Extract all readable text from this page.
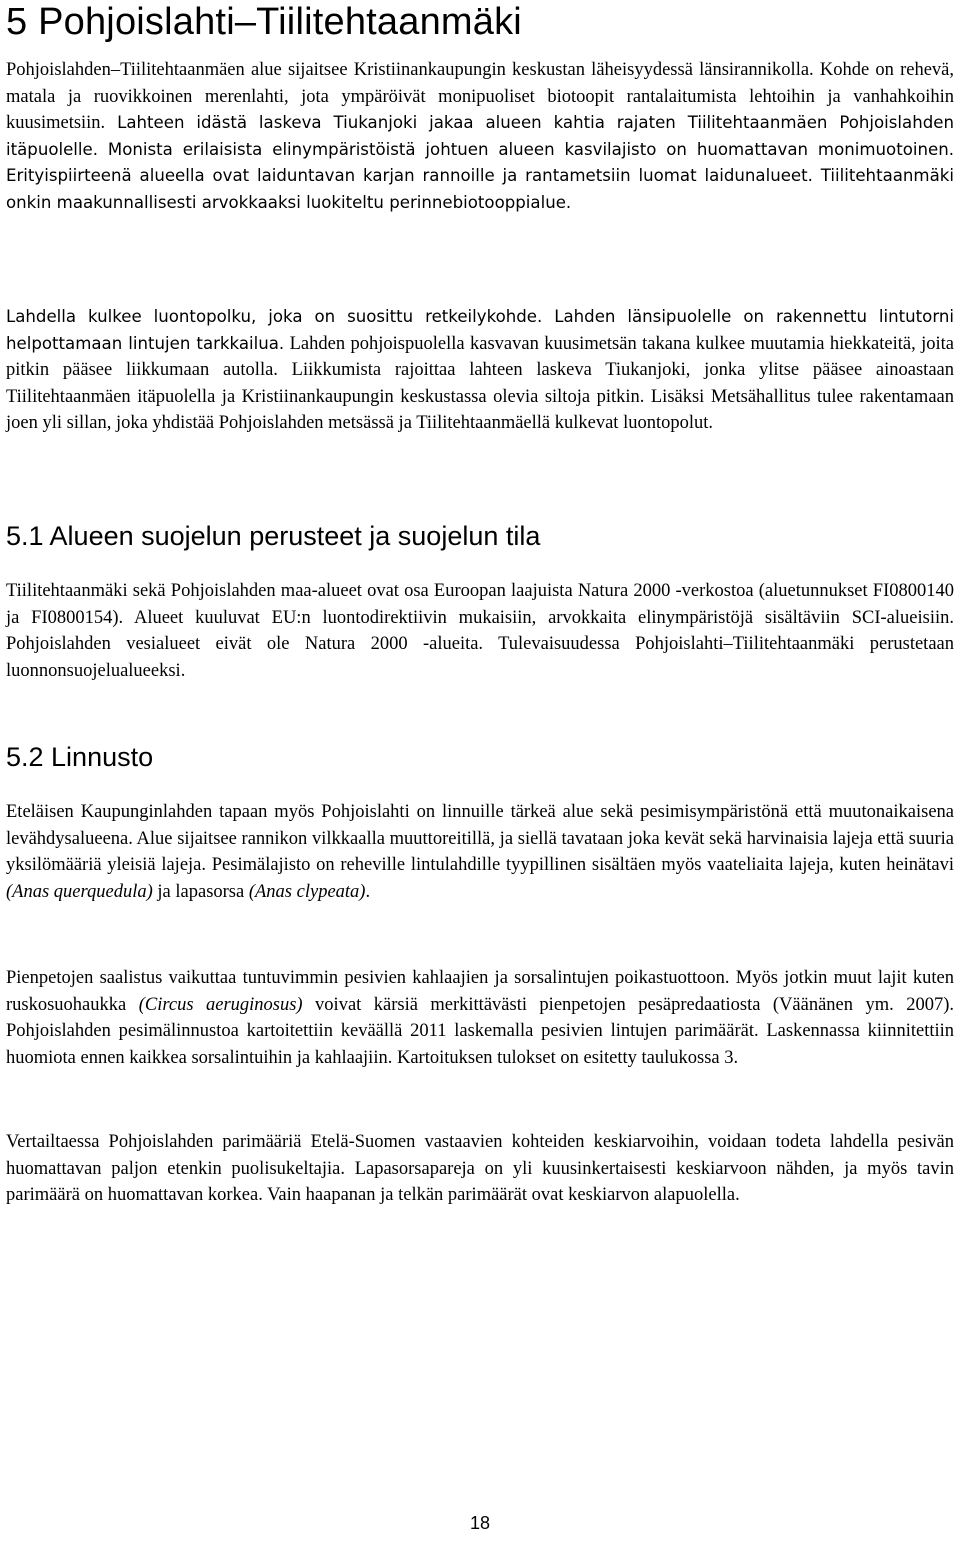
5 Pohjoislahti–Tiilitehtaanmäki

Pohjoislahden–Tiilitehtaanmäen alue sijaitsee Kristiinankaupungin keskustan läheisyydessä länsirannikolla. Kohde on rehevä, matala ja ruovikkoinen merenlahti, jota ympäröivät monipuoliset biotoopit rantalaitumista lehtoihin ja vanhahkoihin kuusimetsiin. Lahteen idästä laskeva Tiukanjoki jakaa alueen kahtia rajaten Tiilitehtaanmäen Pohjoislahden itäpuolelle. Monista erilaisista elinympäristöistä johtuen alueen kasvilajisto on huomattavan monimuotoinen. Erityispiirteenä alueella ovat laiduntavan karjan rannoille ja rantametsiin luomat laidunalueet. Tiilitehtaanmäki onkin maakunnallisesti arvokkaaksi luokiteltu perinnebiotooppialue.

Lahdella kulkee luontopolku, joka on suosittu retkeilykohde. Lahden länsipuolelle on rakennettu lintutorni helpottamaan lintujen tarkkailua. Lahden pohjoispuolella kasvavan kuusimetsän takana kulkee muutamia hiekkateitä, joita pitkin pääsee liikkumaan autolla. Liikkumista rajoittaa lahteen laskeva Tiukanjoki, jonka ylitse pääsee ainoastaan Tiilitehtaanmäen itäpuolella ja Kristiinankaupungin keskustassa olevia siltoja pitkin. Lisäksi Metsähallitus tulee rakentamaan joen yli sillan, joka yhdistää Pohjoislahden metsässä ja Tiilitehtaanmäellä kulkevat luontopolut.

5.1 Alueen suojelun perusteet ja suojelun tila

Tiilitehtaanmäki sekä Pohjoislahden maa-alueet ovat osa Euroopan laajuista Natura 2000 -verkostoa (aluetunnukset FI0800140 ja FI0800154). Alueet kuuluvat EU:n luontodirektiivin mukaisiin, arvokkaita elinympäristöjä sisältäviin SCI-alueisiin. Pohjoislahden vesialueet eivät ole Natura 2000 -alueita. Tulevaisuudessa Pohjoislahti–Tiilitehtaanmäki perustetaan luonnonsuojelualueeksi.

5.2 Linnusto

Eteläisen Kaupunginlahden tapaan myös Pohjoislahti on linnuille tärkeä alue sekä pesimisympäristönä että muutonaikaisena levähdysalueena. Alue sijaitsee rannikon vilkkaalla muuttoreitillä, ja siellä tavataan joka kevät sekä harvinaisia lajeja että suuria yksilömääriä yleisiä lajeja. Pesimälajisto on reheville lintulahdille tyypillinen sisältäen myös vaateliaita lajeja, kuten heinätavi (Anas querquedula) ja lapasorsa (Anas clypeata).

Pienpetojen saalistus vaikuttaa tuntuvimmin pesivien kahlaajien ja sorsalintujen poikastuottoon. Myös jotkin muut lajit kuten ruskosuohaukka (Circus aeruginosus) voivat kärsiä merkittävästi pienpetojen pesäpredaatiosta (Väänänen ym. 2007). Pohjoislahden pesimälinnustoa kartoitettiin keväällä 2011 laskemalla pesivien lintujen parimäärät. Laskennassa kiinnitettiin huomiota ennen kaikkea sorsalintuihin ja kahlaajiin. Kartoituksen tulokset on esitetty taulukossa 3.

Vertailtaessa Pohjoislahden parimääriä Etelä-Suomen vastaavien kohteiden keskiarvoihin, voidaan todeta lahdella pesivän huomattavan paljon etenkin puolisukeltajia. Lapasorsapareja on yli kuusinkertaisesti keskiarvoon nähden, ja myös tavin parimäärä on huomattavan korkea. Vain haapanan ja telkän parimäärät ovat keskiarvon alapuolella.

18
